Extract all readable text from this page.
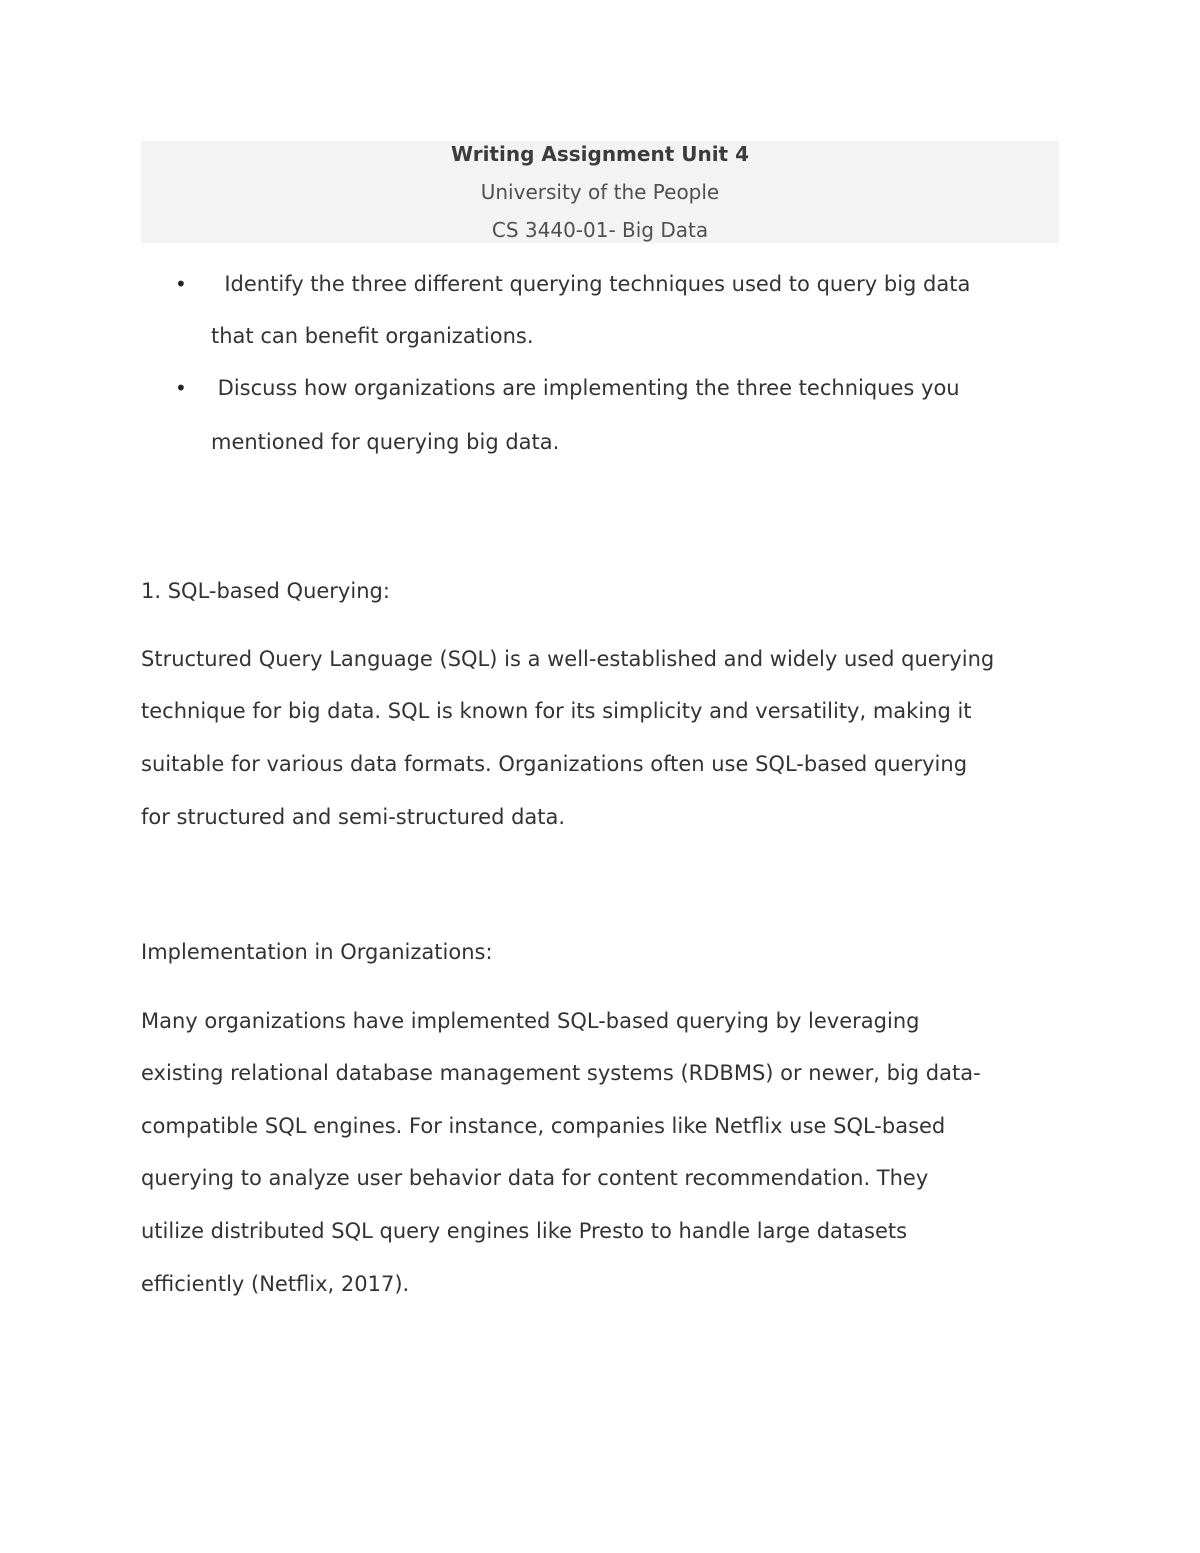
Writing Assignment Unit 4
University of the People
CS 3440-01- Big Data
• Identify the three different querying techniques used to query big data
that can benefit organizations.
• Discuss how organizations are implementing the three techniques you
mentioned for querying big data.
1. SQL-based Querying:
Structured Query Language (SQL) is a well-established and widely used querying
technique for big data. SQL is known for its simplicity and versatility, making it
suitable for various data formats. Organizations often use SQL-based querying
for structured and semi-structured data.
Implementation in Organizations:
Many organizations have implemented SQL-based querying by leveraging
existing relational database management systems (RDBMS) or newer, big data-
compatible SQL engines. For instance, companies like Netflix use SQL-based
querying to analyze user behavior data for content recommendation. They
utilize distributed SQL query engines like Presto to handle large datasets
efficiently (Netflix, 2017).
